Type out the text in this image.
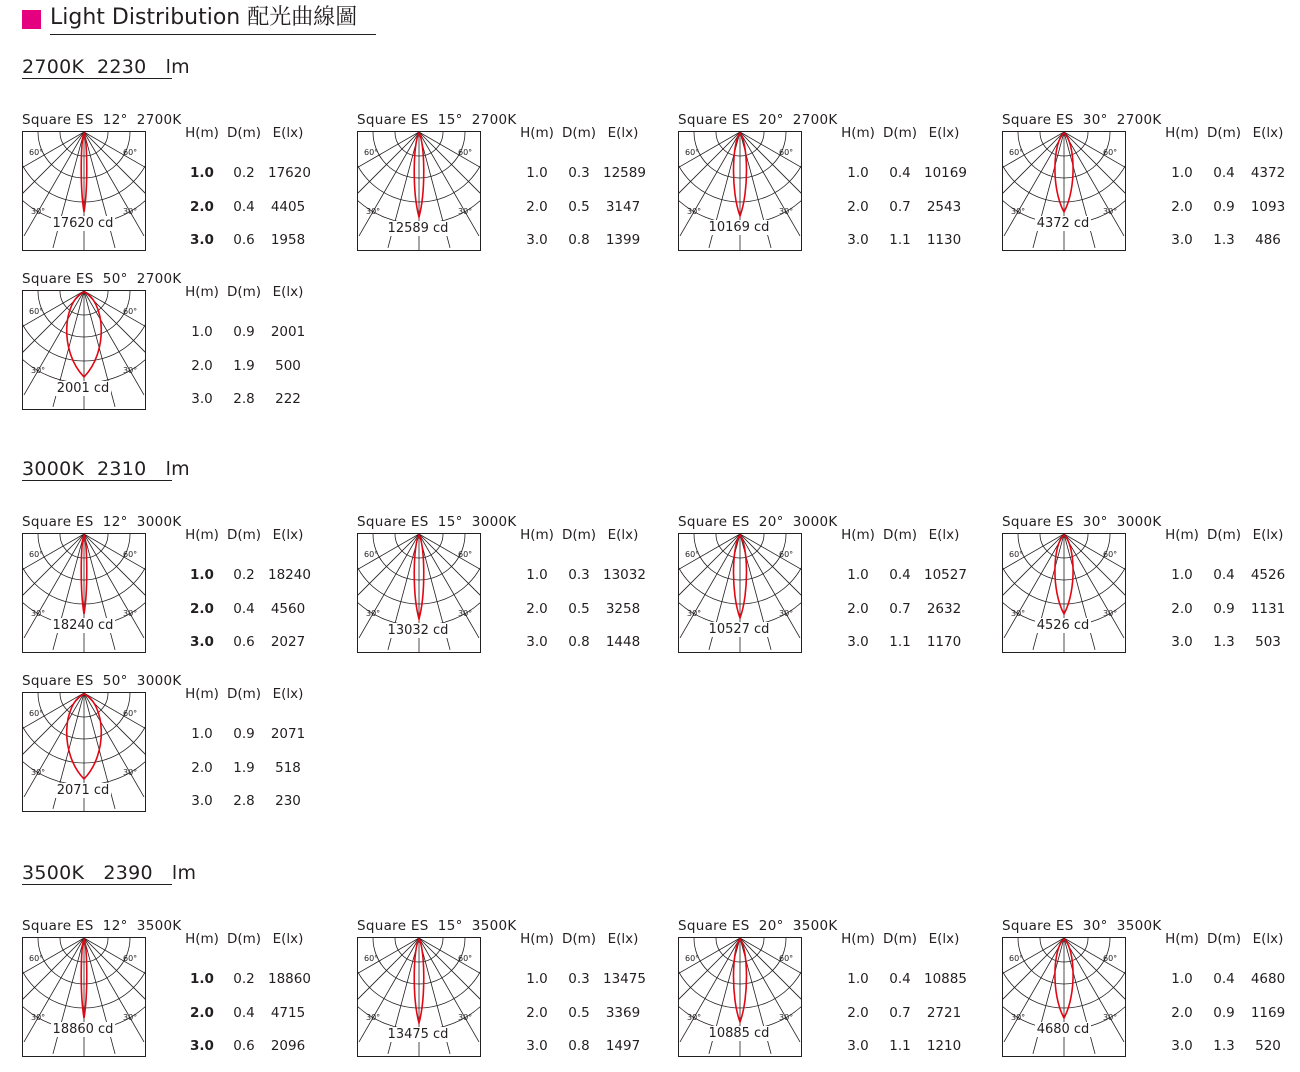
Light Distribution 配光曲線圖
2700K  2230   lm
Square ES  12°  2700K
60°	60°
30°	30°
17620 cd
H(m) D(m) E(lx)
1.0	0.2 17620
2.0	0.4	4405
3.0	0.6	1958
Square ES  15°  2700K
60°	60°
30°	30°
12589 cd
H(m) D(m) E(lx)
1.0	0.3 12589
2.0	0.5	3147
3.0	0.8	1399
Square ES  20°  2700K
60°	60°
30°	30°
10169 cd
H(m) D(m) E(lx)
1.0	0.4 10169
2.0	0.7	2543
3.0	1.1	1130
Square ES  30°  2700K
60°	60°
30°	30°
4372 cd
H(m) D(m) E(lx)
1.0	0.4	4372
2.0	0.9	1093
3.0	1.3	486
Square ES  50°  2700K
60°	60°
30°	30°
2001 cd
H(m) D(m) E(lx)
1.0	0.9	2001
2.0	1.9	500
3.0	2.8	222
3000K  2310   lm
Square ES  12°  3000K
60°	60°
30°	30°
18240 cd
H(m) D(m) E(lx)
1.0	0.2 18240
2.0	0.4	4560
3.0	0.6	2027
Square ES  15°  3000K
60°	60°
30°	30°
13032 cd
H(m) D(m) E(lx)
1.0	0.3 13032
2.0	0.5	3258
3.0	0.8	1448
Square ES  20°  3000K
60°	60°
30°	30°
10527 cd
H(m) D(m) E(lx)
1.0	0.4 10527
2.0	0.7	2632
3.0	1.1	1170
Square ES  30°  3000K
60°	60°
30°	30°
4526 cd
H(m) D(m) E(lx)
1.0	0.4	4526
2.0	0.9	1131
3.0	1.3	503
Square ES  50°  3000K
60°	60°
30°	30°
2071 cd
H(m) D(m) E(lx)
1.0	0.9	2071
2.0	1.9	518
3.0	2.8	230
3500K   2390   lm
Square ES  12°  3500K
60°	60°
30°	30°
18860 cd
H(m) D(m) E(lx)
1.0	0.2 18860
2.0	0.4	4715
3.0	0.6	2096
Square ES  15°  3500K
60°	60°
30°	30°
13475 cd
H(m) D(m) E(lx)
1.0	0.3 13475
2.0	0.5	3369
3.0	0.8	1497
Square ES  20°  3500K
60°	60°
30°	30°
10885 cd
H(m) D(m) E(lx)
1.0	0.4 10885
2.0	0.7	2721
3.0	1.1	1210
Square ES  30°  3500K
60°	60°
30°	30°
4680 cd
H(m) D(m) E(lx)
1.0	0.4	4680
2.0	0.9	1169
3.0	1.3	520
